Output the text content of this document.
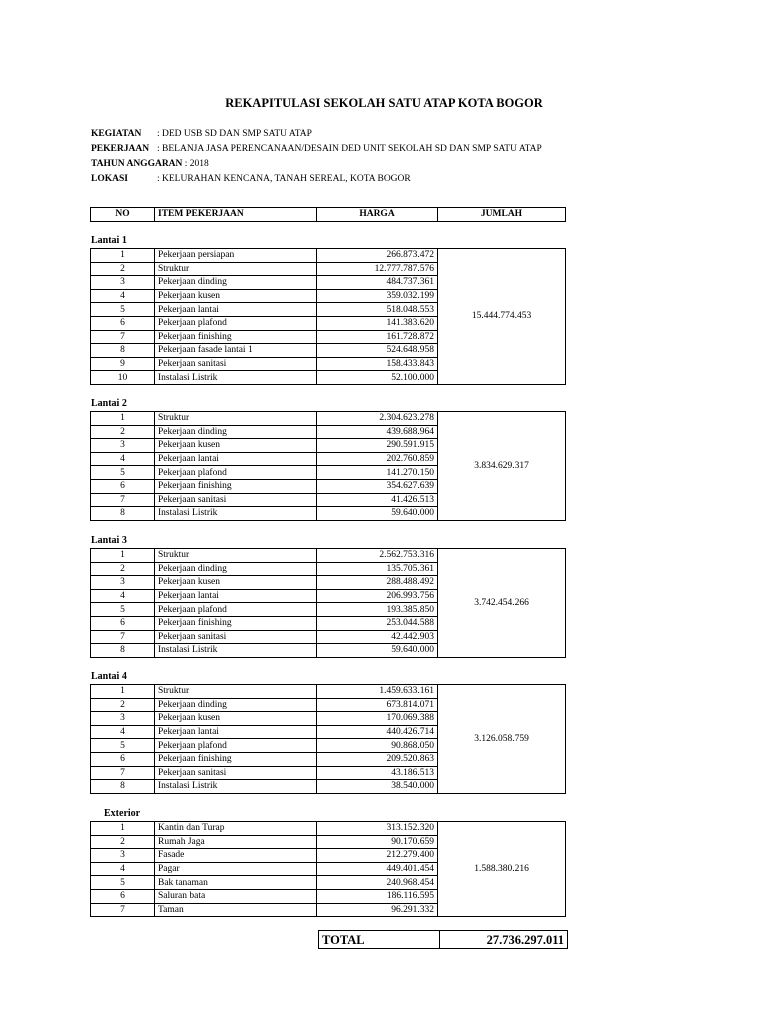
REKAPITULASI SEKOLAH SATU ATAP KOTA BOGOR
KEGIATAN : DED USB SD DAN SMP SATU ATAP
PEKERJAAN : BELANJA JASA PERENCANAAN/DESAIN DED UNIT SEKOLAH SD DAN SMP SATU ATAP
TAHUN ANGGARAN : 2018
LOKASI	: KELURAHAN KENCANA, TANAH SEREAL, KOTA BOGOR
NO	ITEM PEKERJAAN	HARGA	JUMLAH
Lantai 1
1	Pekerjaan persiapan	266.873.472	15.444.774.453
2	Struktur	12.777.787.576	
3	Pekerjaan dinding	484.737.361	
4	Pekerjaan kusen	359.032.199	
5	Pekerjaan lantai	518.048.553	
6	Pekerjaan plafond	141.383.620	
7	Pekerjaan finishing	161.728.872	
8	Pekerjaan fasade lantai 1	524.648.958	
9	Pekerjaan sanitasi	158.433.843	
10	Instalasi Listrik	52.100.000	
Lantai 2
1	Struktur	2.304.623.278	3.834.629.317
2	Pekerjaan dinding	439.688.964	
3	Pekerjaan kusen	290.591.915	
4	Pekerjaan lantai	202.760.859	
5	Pekerjaan plafond	141.270.150	
6	Pekerjaan finishing	354.627.639	
7	Pekerjaan sanitasi	41.426.513	
8	Instalasi Listrik	59.640.000	
Lantai 3
1	Struktur	2.562.753.316	3.742.454.266
2	Pekerjaan dinding	135.705.361	
3	Pekerjaan kusen	288.488.492	
4	Pekerjaan lantai	206.993.756	
5	Pekerjaan plafond	193.385.850	
6	Pekerjaan finishing	253.044.588	
7	Pekerjaan sanitasi	42.442.903	
8	Instalasi Listrik	59.640.000	
Lantai 4
1	Struktur	1.459.633.161	3.126.058.759
2	Pekerjaan dinding	673.814.071	
3	Pekerjaan kusen	170.069.388	
4	Pekerjaan lantai	440.426.714	
5	Pekerjaan plafond	90.868.050	
6	Pekerjaan finishing	209.520.863	
7	Pekerjaan sanitasi	43.186.513	
8	Instalasi Listrik	38.540.000	
Exterior
1	Kantin dan Turap	313.152.320	1.588.380.216
2	Rumah Jaga	90.170.659	
3	Fasade	212.279.400	
4	Pagar	449.401.454	
5	Bak tanaman	240.968.454	
6	Saluran bata	186.116.595	
7	Taman	96.291.332	
TOTAL	27.736.297.011
